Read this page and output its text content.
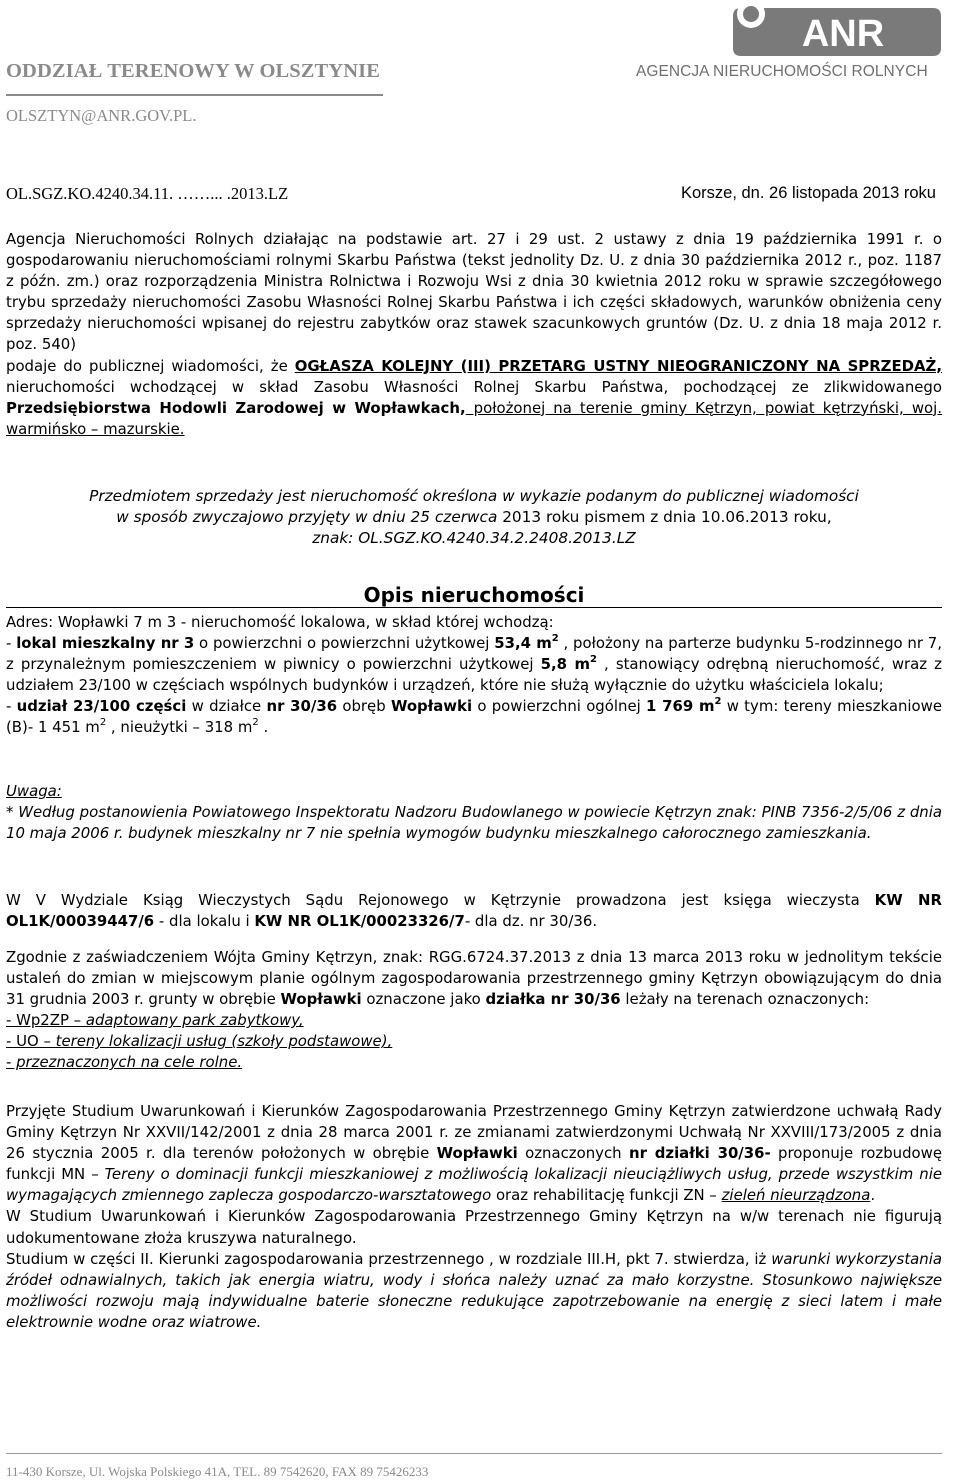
ODDZIAŁ TERENOWY W OLSZTYNIE
OLSZTYN@ANR.GOV.PL.
ANR
AGENCJA NIERUCHOMOŚCI ROLNYCH
OL.SGZ.KO.4240.34.11. ……... .2013.LZ	Korsze, dn. 26 listopada 2013 roku
Agencja Nieruchomości Rolnych działając na podstawie art. 27 i 29 ust. 2 ustawy z dnia 19 października 1991 r. o gospodarowaniu nieruchomościami rolnymi Skarbu Państwa (tekst jednolity Dz. U. z dnia 30 października 2012 r., poz. 1187 z późn. zm.) oraz rozporządzenia Ministra Rolnictwa i Rozwoju Wsi z dnia 30 kwietnia 2012 roku w sprawie szczegółowego trybu sprzedaży nieruchomości Zasobu Własności Rolnej Skarbu Państwa i ich części składowych, warunków obniżenia ceny sprzedaży nieruchomości wpisanej do rejestru zabytków oraz stawek szacunkowych gruntów (Dz. U. z dnia 18 maja 2012 r. poz. 540)
podaje do publicznej wiadomości, że OGŁASZA KOLEJNY (III) PRZETARG USTNY NIEOGRANICZONY NA SPRZEDAŻ, nieruchomości wchodzącej w skład Zasobu Własności Rolnej Skarbu Państwa, pochodzącej ze zlikwidowanego Przedsiębiorstwa Hodowli Zarodowej w Wopławkach, położonej na terenie gminy Kętrzyn, powiat kętrzyński, woj. warmińsko – mazurskie.
Przedmiotem sprzedaży jest nieruchomość określona w wykazie podanym do publicznej wiadomości
w sposób zwyczajowo przyjęty w dniu 25 czerwca 2013 roku pismem z dnia 10.06.2013 roku,
znak: OL.SGZ.KO.4240.34.2.2408.2013.LZ
Opis nieruchomości
Adres: Wopławki 7 m 3 - nieruchomość lokalowa, w skład której wchodzą:
- lokal mieszkalny nr 3 o powierzchni o powierzchni użytkowej 53,4 $m^2$ , położony na parterze budynku 5-rodzinnego nr 7, z przynależnym pomieszczeniem w piwnicy o powierzchni użytkowej 5,8 $m^2$ , stanowiący odrębną nieruchomość, wraz z udziałem 23/100 w częściach wspólnych budynków i urządzeń, które nie służą wyłącznie do użytku właściciela lokalu;
- udział 23/100 części w działce nr 30/36 obręb Wopławki o powierzchni ogólnej 1 769 $m^2$ w tym: tereny mieszkaniowe (B)- 1 451 $m^2$ , nieużytki – 318 $m^2$ .
Uwaga:
* Według postanowienia Powiatowego Inspektoratu Nadzoru Budowlanego w powiecie Kętrzyn znak: PINB 7356-2/5/06 z dnia 10 maja 2006 r. budynek mieszkalny nr 7 nie spełnia wymogów budynku mieszkalnego całorocznego zamieszkania.
W V Wydziale Ksiąg Wieczystych Sądu Rejonowego w Kętrzynie prowadzona jest księga wieczysta KW NR OL1K/00039447/6 - dla lokalu i KW NR OL1K/00023326/7- dla dz. nr 30/36.
Zgodnie z zaświadczeniem Wójta Gminy Kętrzyn, znak: RGG.6724.37.2013 z dnia 13 marca 2013 roku w jednolitym tekście ustaleń do zmian w miejscowym planie ogólnym zagospodarowania przestrzennego gminy Kętrzyn obowiązującym do dnia 31 grudnia 2003 r. grunty w obrębie Wopławki oznaczone jako działka nr 30/36 leżały na terenach oznaczonych:
- Wp2ZP – adaptowany park zabytkowy,
- UO – tereny lokalizacji usług (szkoły podstawowe),
- przeznaczonych na cele rolne.
Przyjęte Studium Uwarunkowań i Kierunków Zagospodarowania Przestrzennego Gminy Kętrzyn zatwierdzone uchwałą Rady Gminy Kętrzyn Nr XXVII/142/2001 z dnia 28 marca 2001 r. ze zmianami zatwierdzonymi Uchwałą Nr XXVIII/173/2005 z dnia 26 stycznia 2005 r. dla terenów położonych w obrębie Wopławki oznaczonych nr działki 30/36- proponuje rozbudowę funkcji MN – Tereny o dominacji funkcji mieszkaniowej z możliwością lokalizacji nieuciążliwych usług, przede wszystkim nie wymagających zmiennego zaplecza gospodarczo-warsztatowego oraz rehabilitację funkcji ZN – zieleń nieurządzona.
W Studium Uwarunkowań i Kierunków Zagospodarowania Przestrzennego Gminy Kętrzyn na w/w terenach nie figurują udokumentowane złoża kruszywa naturalnego.
Studium w części II. Kierunki zagospodarowania przestrzennego , w rozdziale III.H, pkt 7. stwierdza, iż warunki wykorzystania źródeł odnawialnych, takich jak energia wiatru, wody i słońca należy uznać za mało korzystne. Stosunkowo największe możliwości rozwoju mają indywidualne baterie słoneczne redukujące zapotrzebowanie na energię z sieci latem i małe elektrownie wodne oraz wiatrowe.
11-430 Korsze, Ul. Wojska Polskiego 41A, TEL. 89 7542620, FAX 89 75426233
